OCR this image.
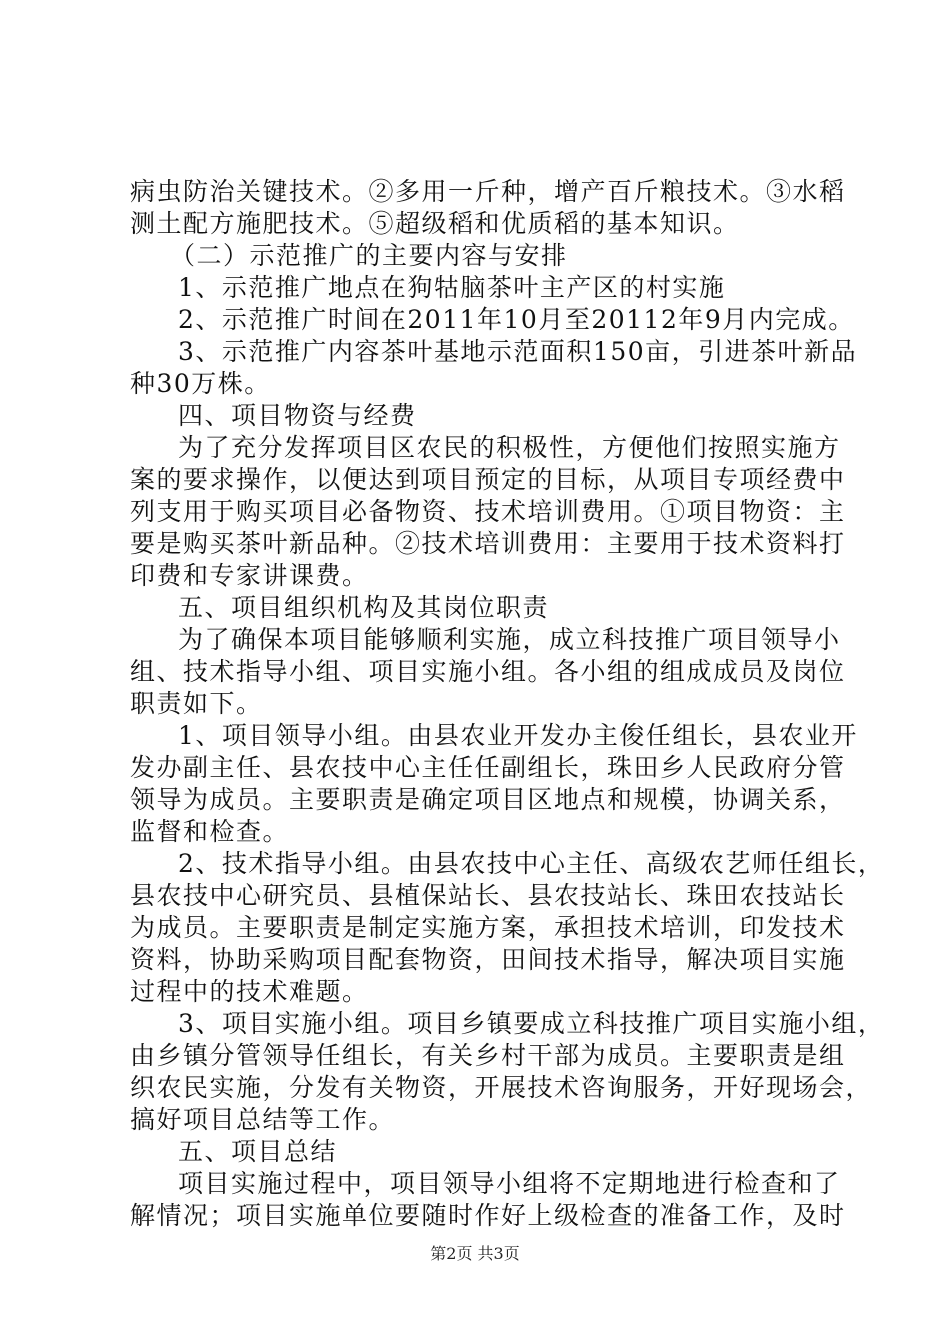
病虫防治关键技术。②多用一斤种，增产百斤粮技术。③水稻
测土配方施肥技术。⑤超级稻和优质稻的基本知识。
（二）示范推广的主要内容与安排
1、示范推广地点在狗牯脑茶叶主产区的村实施
2、示范推广时间在2011年10月至20112年9月内完成。
3、示范推广内容茶叶基地示范面积150亩，引进茶叶新品
种30万株。
四、项目物资与经费
为了充分发挥项目区农民的积极性，方便他们按照实施方
案的要求操作，以便达到项目预定的目标，从项目专项经费中
列支用于购买项目必备物资、技术培训费用。①项目物资：主
要是购买茶叶新品种。②技术培训费用：主要用于技术资料打
印费和专家讲课费。
五、项目组织机构及其岗位职责
为了确保本项目能够顺利实施，成立科技推广项目领导小
组、技术指导小组、项目实施小组。各小组的组成成员及岗位
职责如下。
1、项目领导小组。由县农业开发办主俊任组长，县农业开
发办副主任、县农技中心主任任副组长，珠田乡人民政府分管
领导为成员。主要职责是确定项目区地点和规模，协调关系，
监督和检查。
2、技术指导小组。由县农技中心主任、高级农艺师任组长，
县农技中心研究员、县植保站长、县农技站长、珠田农技站长
为成员。主要职责是制定实施方案，承担技术培训，印发技术
资料，协助采购项目配套物资，田间技术指导，解决项目实施
过程中的技术难题。
3、项目实施小组。项目乡镇要成立科技推广项目实施小组，
由乡镇分管领导任组长，有关乡村干部为成员。主要职责是组
织农民实施，分发有关物资，开展技术咨询服务，开好现场会，
搞好项目总结等工作。
五、项目总结
项目实施过程中，项目领导小组将不定期地进行检查和了
解情况；项目实施单位要随时作好上级检查的准备工作，及时
第2页 共3页
